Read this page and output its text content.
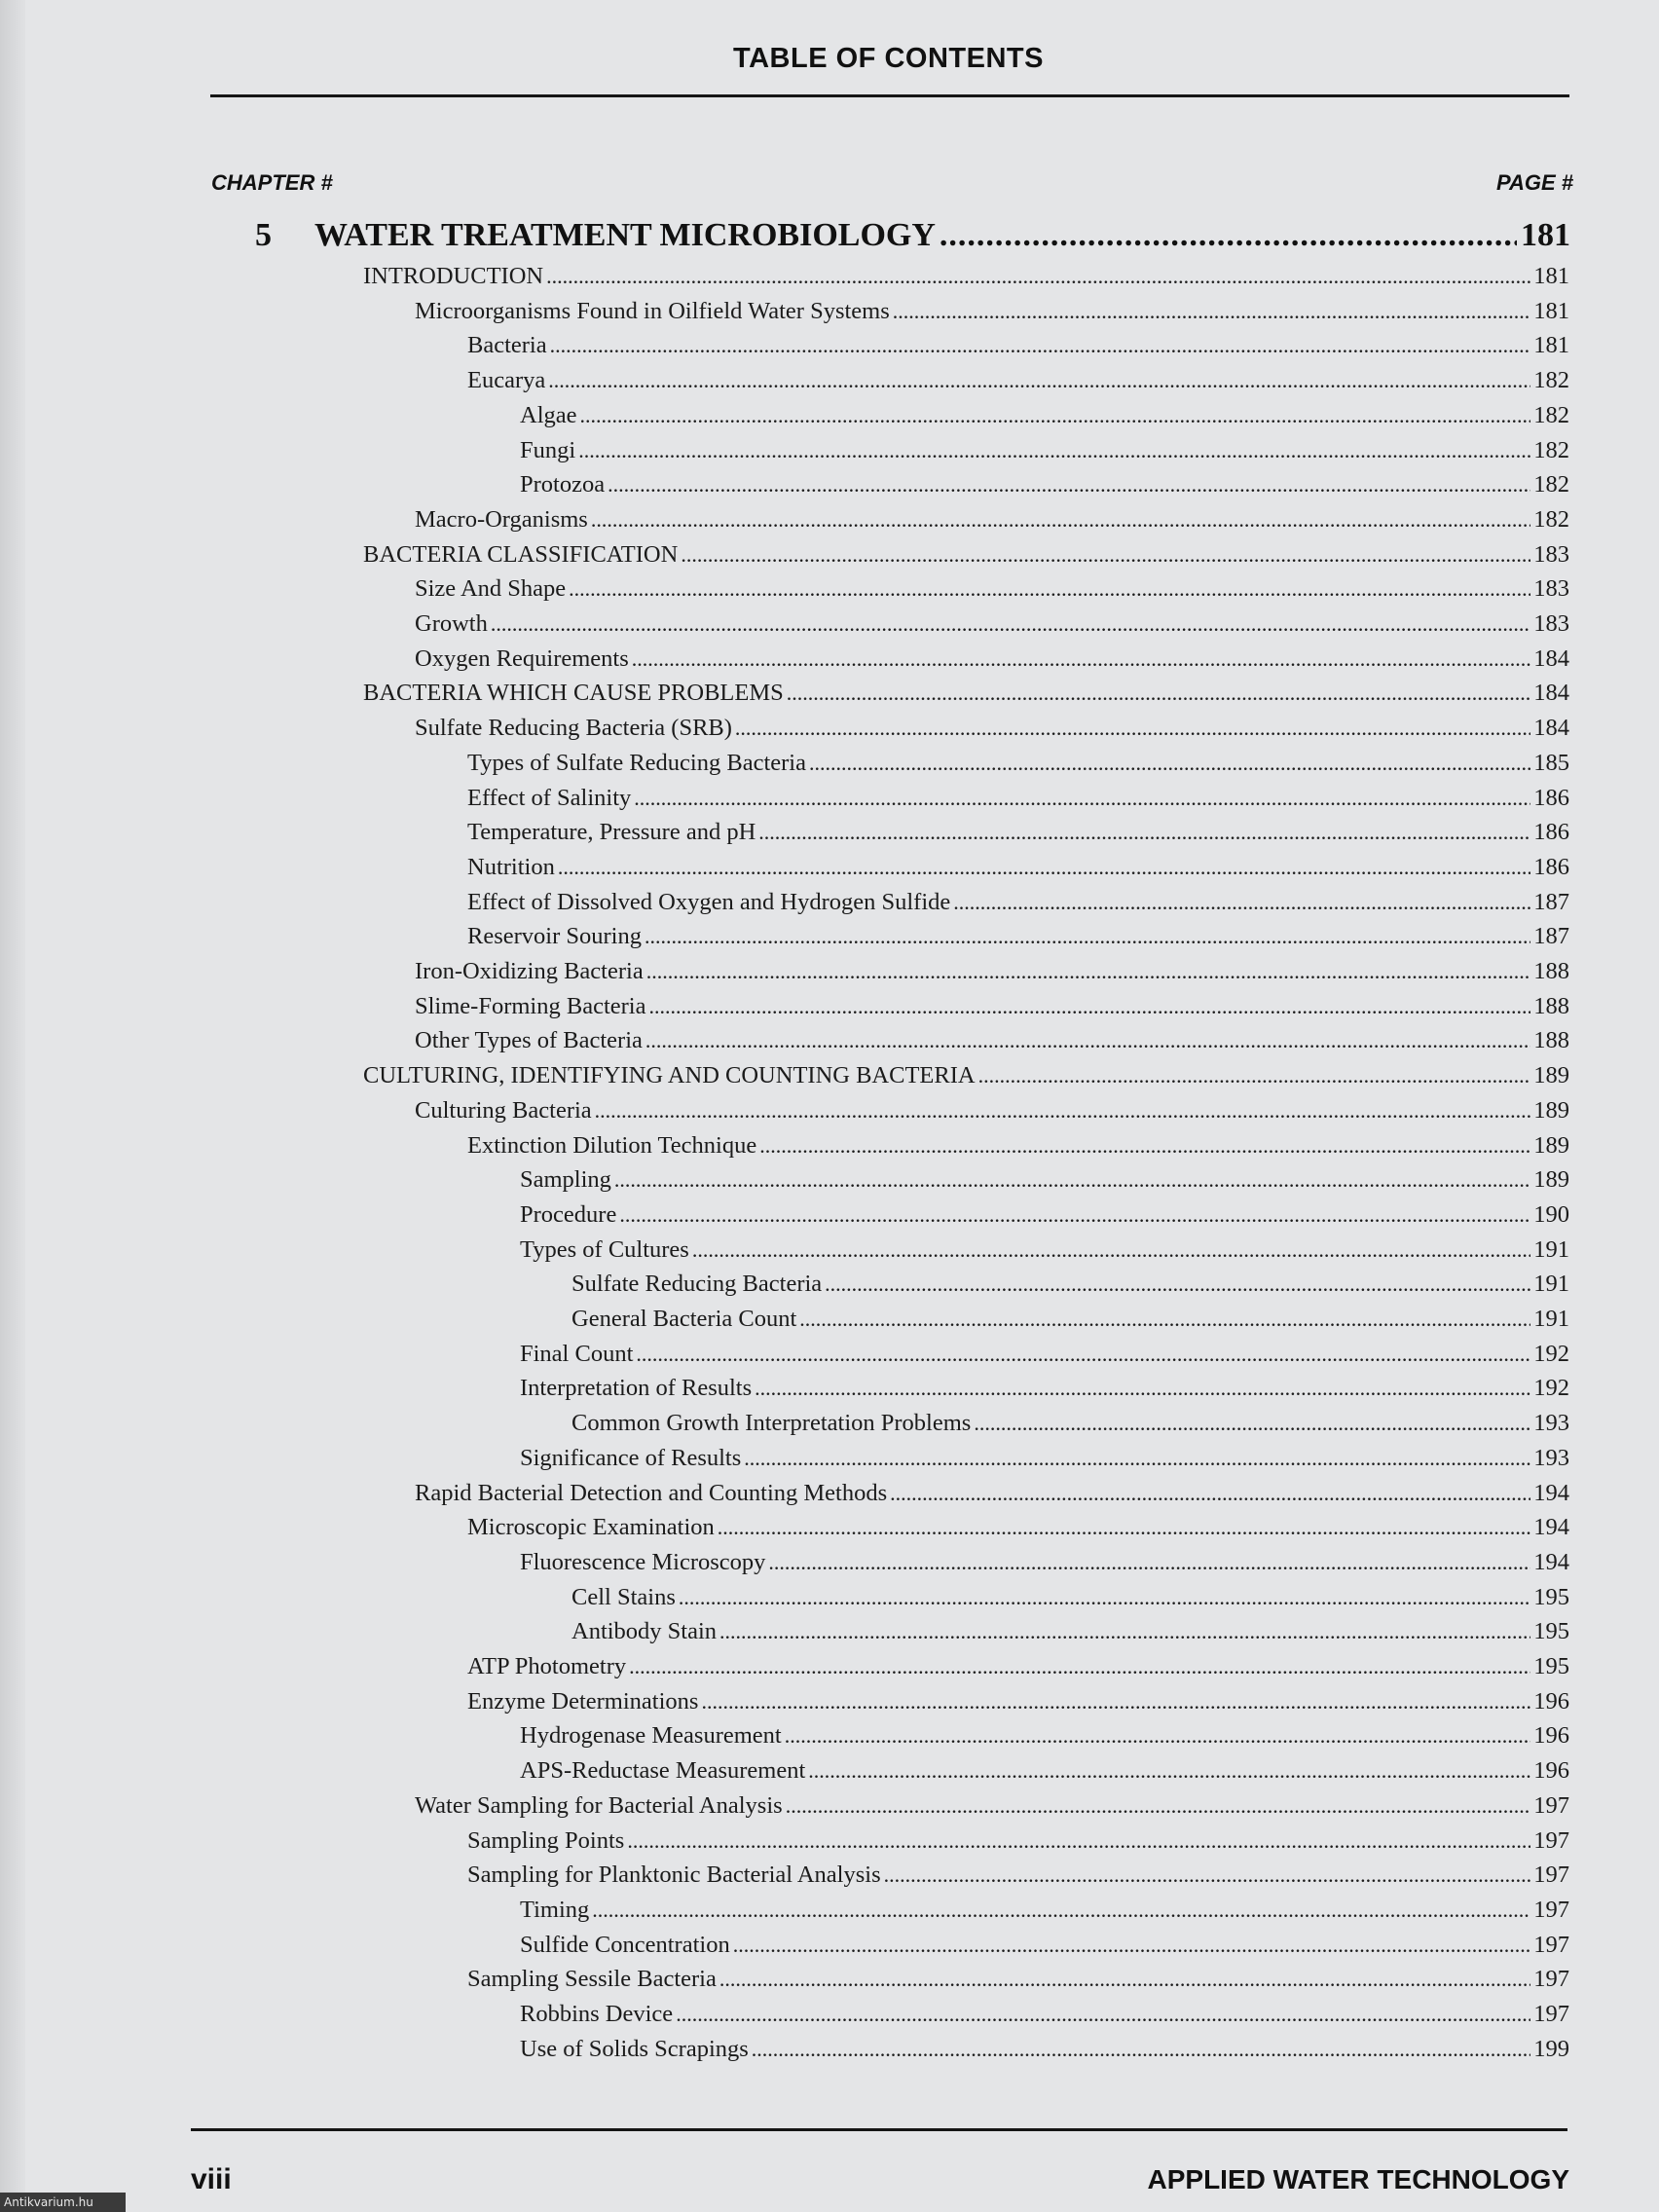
TABLE OF CONTENTS
CHAPTER #	PAGE #
5	WATER TREATMENT MICROBIOLOGY .....	181
INTRODUCTION .....	181
Microorganisms Found in Oilfield Water Systems .....	181
Bacteria .....	181
Eucarya .....	182
Algae .....	182
Fungi .....	182
Protozoa .....	182
Macro-Organisms .....	182
BACTERIA CLASSIFICATION .....	183
Size And Shape .....	183
Growth .....	183
Oxygen Requirements .....	184
BACTERIA WHICH CAUSE PROBLEMS .....	184
Sulfate Reducing Bacteria (SRB) .....	184
Types of Sulfate Reducing Bacteria .....	185
Effect of Salinity .....	186
Temperature, Pressure and pH .....	186
Nutrition .....	186
Effect of Dissolved Oxygen and Hydrogen Sulfide .....	187
Reservoir Souring .....	187
Iron-Oxidizing Bacteria .....	188
Slime-Forming Bacteria .....	188
Other Types of Bacteria .....	188
CULTURING, IDENTIFYING AND COUNTING BACTERIA .....	189
Culturing Bacteria .....	189
Extinction Dilution Technique .....	189
Sampling .....	189
Procedure .....	190
Types of Cultures .....	191
Sulfate Reducing Bacteria .....	191
General Bacteria Count .....	191
Final Count .....	192
Interpretation of Results .....	192
Common Growth Interpretation Problems .....	193
Significance of Results .....	193
Rapid Bacterial Detection and Counting Methods .....	194
Microscopic Examination .....	194
Fluorescence Microscopy .....	194
Cell Stains .....	195
Antibody Stain .....	195
ATP Photometry .....	195
Enzyme Determinations .....	196
Hydrogenase Measurement .....	196
APS-Reductase Measurement .....	196
Water Sampling for Bacterial Analysis .....	197
Sampling Points .....	197
Sampling for Planktonic Bacterial Analysis .....	197
Timing .....	197
Sulfide Concentration .....	197
Sampling Sessile Bacteria .....	197
Robbins Device .....	197
Use of Solids Scrapings .....	199
viii	APPLIED WATER TECHNOLOGY
Antikvarium.hu
